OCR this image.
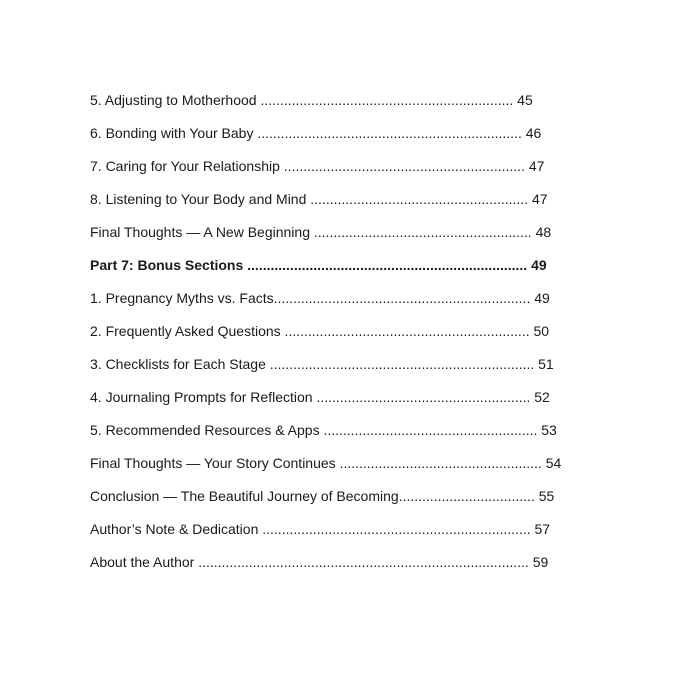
5. Adjusting to Motherhood ................................................................. 45
6. Bonding with Your Baby .................................................................... 46
7. Caring for Your Relationship .............................................................. 47
8. Listening to Your Body and Mind ........................................................ 47
Final Thoughts — A New Beginning ........................................................ 48
Part 7: Bonus Sections ........................................................................ 49
1. Pregnancy Myths vs. Facts.................................................................. 49
2. Frequently Asked Questions ............................................................... 50
3. Checklists for Each Stage .................................................................... 51
4. Journaling Prompts for Reflection ....................................................... 52
5. Recommended Resources & Apps ....................................................... 53
Final Thoughts — Your Story Continues .................................................... 54
Conclusion — The Beautiful Journey of Becoming................................... 55
Author’s Note & Dedication ..................................................................... 57
About the Author ..................................................................................... 59
